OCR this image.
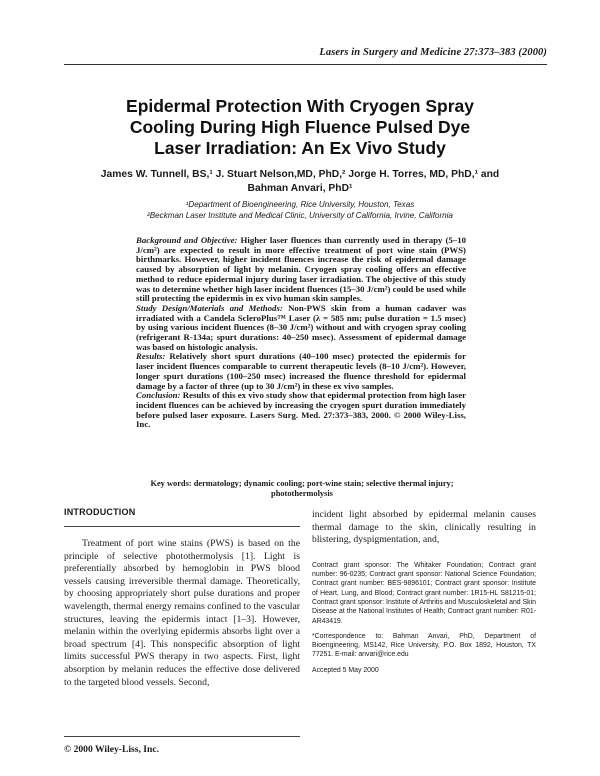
Lasers in Surgery and Medicine 27:373–383 (2000)
Epidermal Protection With Cryogen Spray
Cooling During High Fluence Pulsed Dye
Laser Irradiation: An Ex Vivo Study
James W. Tunnell, BS,¹ J. Stuart Nelson,MD, PhD,² Jorge H. Torres, MD, PhD,¹ and
Bahman Anvari, PhD¹
¹Department of Bioengineering, Rice University, Houston, Texas
²Beckman Laser Institute and Medical Clinic, University of California, Irvine, California
Background and Objective: Higher laser fluences than currently used in therapy (5–10 J/cm²) are expected to result in more effective treatment of port wine stain (PWS) birthmarks. However, higher incident fluences increase the risk of epidermal damage caused by absorption of light by melanin. Cryogen spray cooling offers an effective method to reduce epidermal injury during laser irradiation. The objective of this study was to determine whether high laser incident fluences (15–30 J/cm²) could be used while still protecting the epidermis in ex vivo human skin samples.
Study Design/Materials and Methods: Non-PWS skin from a human cadaver was irradiated with a Candela ScleroPlus™ Laser (λ = 585 nm; pulse duration = 1.5 msec) by using various incident fluences (8–30 J/cm²) without and with cryogen spray cooling (refrigerant R-134a; spurt durations: 40–250 msec). Assessment of epidermal damage was based on histologic analysis.
Results: Relatively short spurt durations (40–100 msec) protected the epidermis for laser incident fluences comparable to current therapeutic levels (8–10 J/cm²). However, longer spurt durations (100–250 msec) increased the fluence threshold for epidermal damage by a factor of three (up to 30 J/cm²) in these ex vivo samples.
Conclusion: Results of this ex vivo study show that epidermal protection from high laser incident fluences can be achieved by increasing the cryogen spurt duration immediately before pulsed laser exposure. Lasers Surg. Med. 27:373–383, 2000. © 2000 Wiley-Liss, Inc.
Key words: dermatology; dynamic cooling; port-wine stain; selective thermal injury; photothermolysis
INTRODUCTION

Treatment of port wine stains (PWS) is based on the principle of selective photothermolysis [1]. Light is preferentially absorbed by hemoglobin in PWS blood vessels causing irreversible thermal damage. Theoretically, by choosing appropriately short pulse durations and proper wavelength, thermal energy remains confined to the vascular structures, leaving the epidermis intact [1–3]. However, melanin within the overlying epidermis absorbs light over a broad spectrum [4]. This nonspecific absorption of light limits successful PWS therapy in two aspects. First, light absorption by melanin reduces the effective dose delivered to the targeted blood vessels. Second,

incident light absorbed by epidermal melanin causes thermal damage to the skin, clinically resulting in blistering, dyspigmentation, and,

Contract grant sponsor: The Whitaker Foundation; Contract grant number: 96-0235; Contract grant sponsor: National Science Foundation; Contract grant number: BES-9896101; Contract grant sponsor: Institute of Heart, Lung, and Blood; Contract grant number: 1R15-HL S81215-01; Contract grant sponsor: Institute of Arthritis and Musculoskeletal and Skin Disease at the National Institutes of Health; Contract grant number: R01-AR43419.

*Correspondence to: Bahman Anvari, PhD, Department of Bioengineering, MS142, Rice University, P.O. Box 1892, Houston, TX 77251. E-mail: anvari@rice.edu

Accepted 5 May 2000

© 2000 Wiley-Liss, Inc.
